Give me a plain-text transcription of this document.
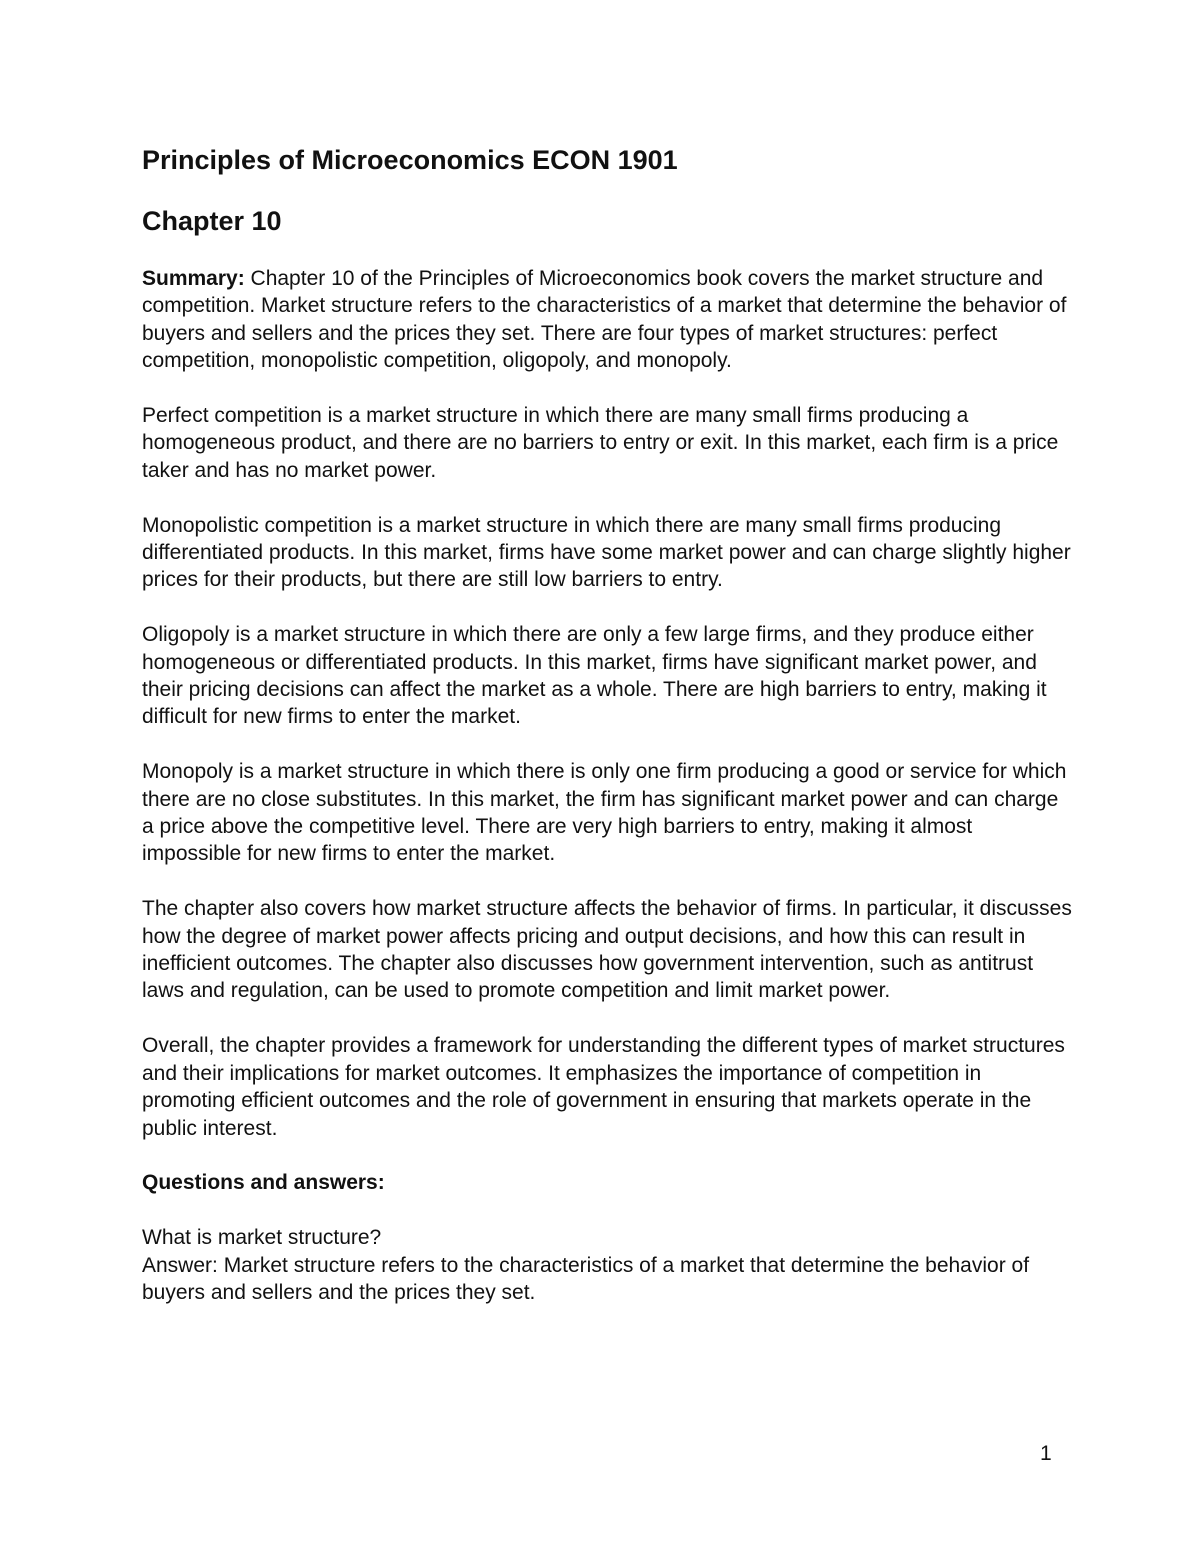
Principles of Microeconomics ECON 1901
Chapter 10

Summary: Chapter 10 of the Principles of Microeconomics book covers the market structure and competition. Market structure refers to the characteristics of a market that determine the behavior of buyers and sellers and the prices they set. There are four types of market structures: perfect competition, monopolistic competition, oligopoly, and monopoly.

Perfect competition is a market structure in which there are many small firms producing a homogeneous product, and there are no barriers to entry or exit. In this market, each firm is a price taker and has no market power.

Monopolistic competition is a market structure in which there are many small firms producing differentiated products. In this market, firms have some market power and can charge slightly higher prices for their products, but there are still low barriers to entry.

Oligopoly is a market structure in which there are only a few large firms, and they produce either homogeneous or differentiated products. In this market, firms have significant market power, and their pricing decisions can affect the market as a whole. There are high barriers to entry, making it difficult for new firms to enter the market.

Monopoly is a market structure in which there is only one firm producing a good or service for which there are no close substitutes. In this market, the firm has significant market power and can charge a price above the competitive level. There are very high barriers to entry, making it almost impossible for new firms to enter the market.

The chapter also covers how market structure affects the behavior of firms. In particular, it discusses how the degree of market power affects pricing and output decisions, and how this can result in inefficient outcomes. The chapter also discusses how government intervention, such as antitrust laws and regulation, can be used to promote competition and limit market power.

Overall, the chapter provides a framework for understanding the different types of market structures and their implications for market outcomes. It emphasizes the importance of competition in promoting efficient outcomes and the role of government in ensuring that markets operate in the public interest.

Questions and answers:

What is market structure?

Answer: Market structure refers to the characteristics of a market that determine the behavior of buyers and sellers and the prices they set.

1
